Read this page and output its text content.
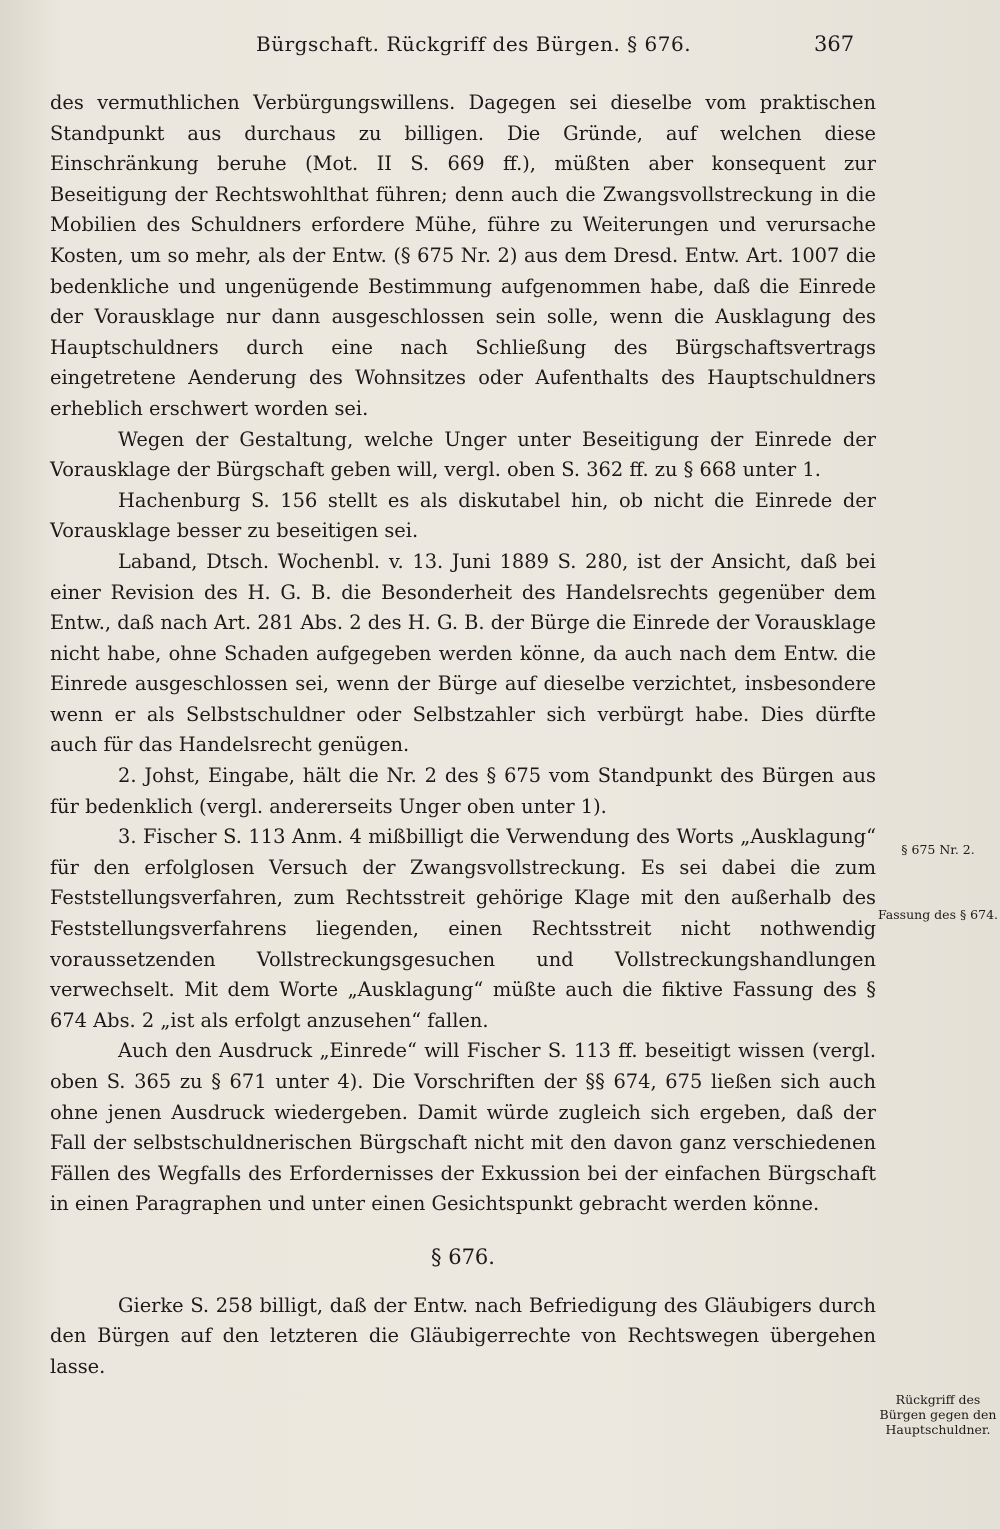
Bürgschaft. Rückgriff des Bürgen. § 676.	367

des vermuthlichen Verbürgungswillens. Dagegen sei dieselbe vom praktischen Standpunkt aus durchaus zu billigen. Die Gründe, auf welchen diese Einschränkung beruhe (Mot. II S. 669 ff.), müßten aber konsequent zur Beseitigung der Rechtswohlthat führen; denn auch die Zwangsvollstreckung in die Mobilien des Schuldners erfordere Mühe, führe zu Weiterungen und verursache Kosten, um so mehr, als der Entw. (§ 675 Nr. 2) aus dem Dresd. Entw. Art. 1007 die bedenkliche und ungenügende Bestimmung aufgenommen habe, daß die Einrede der Vorausklage nur dann ausgeschlossen sein solle, wenn die Ausklagung des Hauptschuldners durch eine nach Schließung des Bürgschaftsvertrags eingetretene Aenderung des Wohnsitzes oder Aufenthalts des Hauptschuldners erheblich erschwert worden sei.

Wegen der Gestaltung, welche Unger unter Beseitigung der Einrede der Vorausklage der Bürgschaft geben will, vergl. oben S. 362 ff. zu § 668 unter 1.

Hachenburg S. 156 stellt es als diskutabel hin, ob nicht die Einrede der Vorausklage besser zu beseitigen sei.

Laband, Dtsch. Wochenbl. v. 13. Juni 1889 S. 280, ist der Ansicht, daß bei einer Revision des H. G. B. die Besonderheit des Handelsrechts gegenüber dem Entw., daß nach Art. 281 Abs. 2 des H. G. B. der Bürge die Einrede der Vorausklage nicht habe, ohne Schaden aufgegeben werden könne, da auch nach dem Entw. die Einrede ausgeschlossen sei, wenn der Bürge auf dieselbe verzichtet, insbesondere wenn er als Selbstschuldner oder Selbstzahler sich verbürgt habe. Dies dürfte auch für das Handelsrecht genügen.

2. Johst, Eingabe, hält die Nr. 2 des § 675 vom Standpunkt des Bürgen aus für bedenklich (vergl. andererseits Unger oben unter 1).

3. Fischer S. 113 Anm. 4 mißbilligt die Verwendung des Worts „Ausklagung“ für den erfolglosen Versuch der Zwangsvollstreckung. Es sei dabei die zum Feststellungsverfahren, zum Rechtsstreit gehörige Klage mit den außerhalb des Feststellungsverfahrens liegenden, einen Rechtsstreit nicht nothwendig voraussetzenden Vollstreckungsgesuchen und Vollstreckungshandlungen verwechselt. Mit dem Worte „Ausklagung“ müßte auch die fiktive Fassung des § 674 Abs. 2 „ist als erfolgt anzusehen“ fallen.

Auch den Ausdruck „Einrede“ will Fischer S. 113 ff. beseitigt wissen (vergl. oben S. 365 zu § 671 unter 4). Die Vorschriften der §§ 674, 675 ließen sich auch ohne jenen Ausdruck wiedergeben. Damit würde zugleich sich ergeben, daß der Fall der selbstschuldnerischen Bürgschaft nicht mit den davon ganz verschiedenen Fällen des Wegfalls des Erfordernisses der Exkussion bei der einfachen Bürgschaft in einen Paragraphen und unter einen Gesichtspunkt gebracht werden könne.

§ 676.

Gierke S. 258 billigt, daß der Entw. nach Befriedigung des Gläubigers durch den Bürgen auf den letzteren die Gläubigerrechte von Rechtswegen übergehen lasse.

§ 675 Nr. 2.
Fassung des § 674.
Rückgriff des Bürgen gegen den Hauptschuldner.
